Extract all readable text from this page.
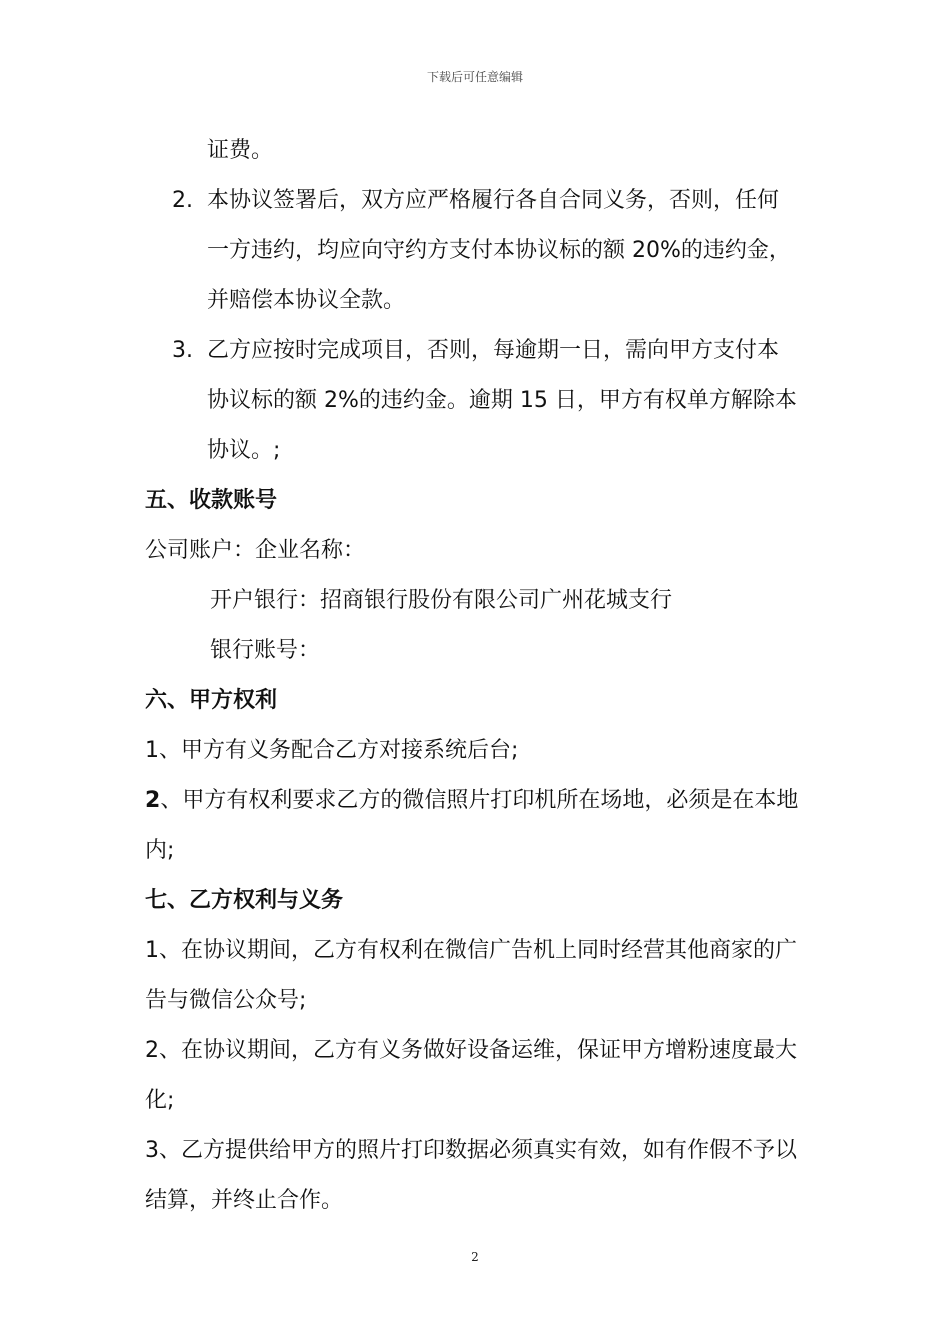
下载后可任意编辑
证费。
2. 本协议签署后，双方应严格履行各自合同义务，否则，任何
一方违约，均应向守约方支付本协议标的额 20%的违约金，
并赔偿本协议全款。
3. 乙方应按时完成项目，否则，每逾期一日，需向甲方支付本
协议标的额 2%的违约金。逾期 15 日，甲方有权单方解除本
协议。;
五、收款账号
公司账户：企业名称：
开户银行：招商银行股份有限公司广州花城支行
银行账号：
六、甲方权利
1、甲方有义务配合乙方对接系统后台;
2、甲方有权利要求乙方的微信照片打印机所在场地，必须是在本地
内;
七、乙方权利与义务
1、在协议期间，乙方有权利在微信广告机上同时经营其他商家的广
告与微信公众号;
2、在协议期间，乙方有义务做好设备运维，保证甲方增粉速度最大
化;
3、乙方提供给甲方的照片打印数据必须真实有效，如有作假不予以
结算，并终止合作。
2
